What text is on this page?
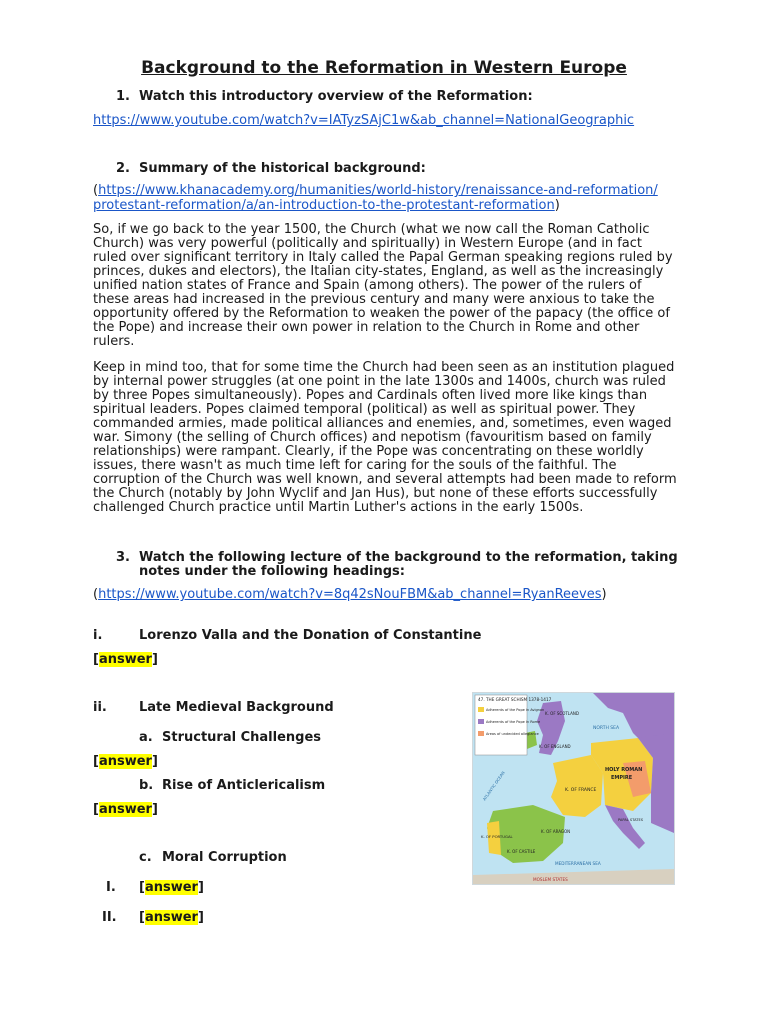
Background to the Reformation in Western Europe
1. Watch this introductory overview of the Reformation:
https://www.youtube.com/watch?v=IATyzSAjC1w&ab_channel=NationalGeographic
2. Summary of the historical background:
(https://www.khanacademy.org/humanities/world-history/renaissance-and-reformation/
protestant-reformation/a/an-introduction-to-the-protestant-reformation)
So, if we go back to the year 1500, the Church (what we now call the Roman Catholic
Church) was very powerful (politically and spiritually) in Western Europe (and in fact
ruled over significant territory in Italy called the Papal German speaking regions ruled by
princes, dukes and electors), the Italian city-states, England, as well as the increasingly
unified nation states of France and Spain (among others). The power of the rulers of
these areas had increased in the previous century and many were anxious to take the
opportunity offered by the Reformation to weaken the power of the papacy (the office of
the Pope) and increase their own power in relation to the Church in Rome and other
rulers.
Keep in mind too, that for some time the Church had been seen as an institution plagued
by internal power struggles (at one point in the late 1300s and 1400s, church was ruled
by three Popes simultaneously). Popes and Cardinals often lived more like kings than
spiritual leaders. Popes claimed temporal (political) as well as spiritual power. They
commanded armies, made political alliances and enemies, and, sometimes, even waged
war. Simony (the selling of Church offices) and nepotism (favouritism based on family
relationships) were rampant. Clearly, if the Pope was concentrating on these worldly
issues, there wasn't as much time left for caring for the souls of the faithful. The
corruption of the Church was well known, and several attempts had been made to reform
the Church (notably by John Wyclif and Jan Hus), but none of these efforts successfully
challenged Church practice until Martin Luther's actions in the early 1500s.
3. Watch the following lecture of the background to the reformation, taking
notes under the following headings:
(https://www.youtube.com/watch?v=8q42sNouFBM&ab_channel=RyanReeves)
i.	Lorenzo Valla and the Donation of Constantine
[answer]
ii. Late Medieval Background
a. Structural Challenges
[answer]
b. Rise of Anticlericalism
[answer]
c. Moral Corruption
I. [answer]
II. [answer]
47. THE GREAT SCHISM 1378-1417
Adherents of the Pope in Avignon
Adherents of the Pope in Rome
Areas of undecided allegiance
NORTH SEA
K. OF SCOTLAND
K. OF ENGLAND
K. OF FRANCE
HOLY ROMAN
EMPIRE
K. OF PORTUGAL
K. OF CASTILE
K. OF ARAGON
ATLANTIC OCEAN
MEDITERRANEAN SEA
PAPAL STATES
MOSLEM STATES
